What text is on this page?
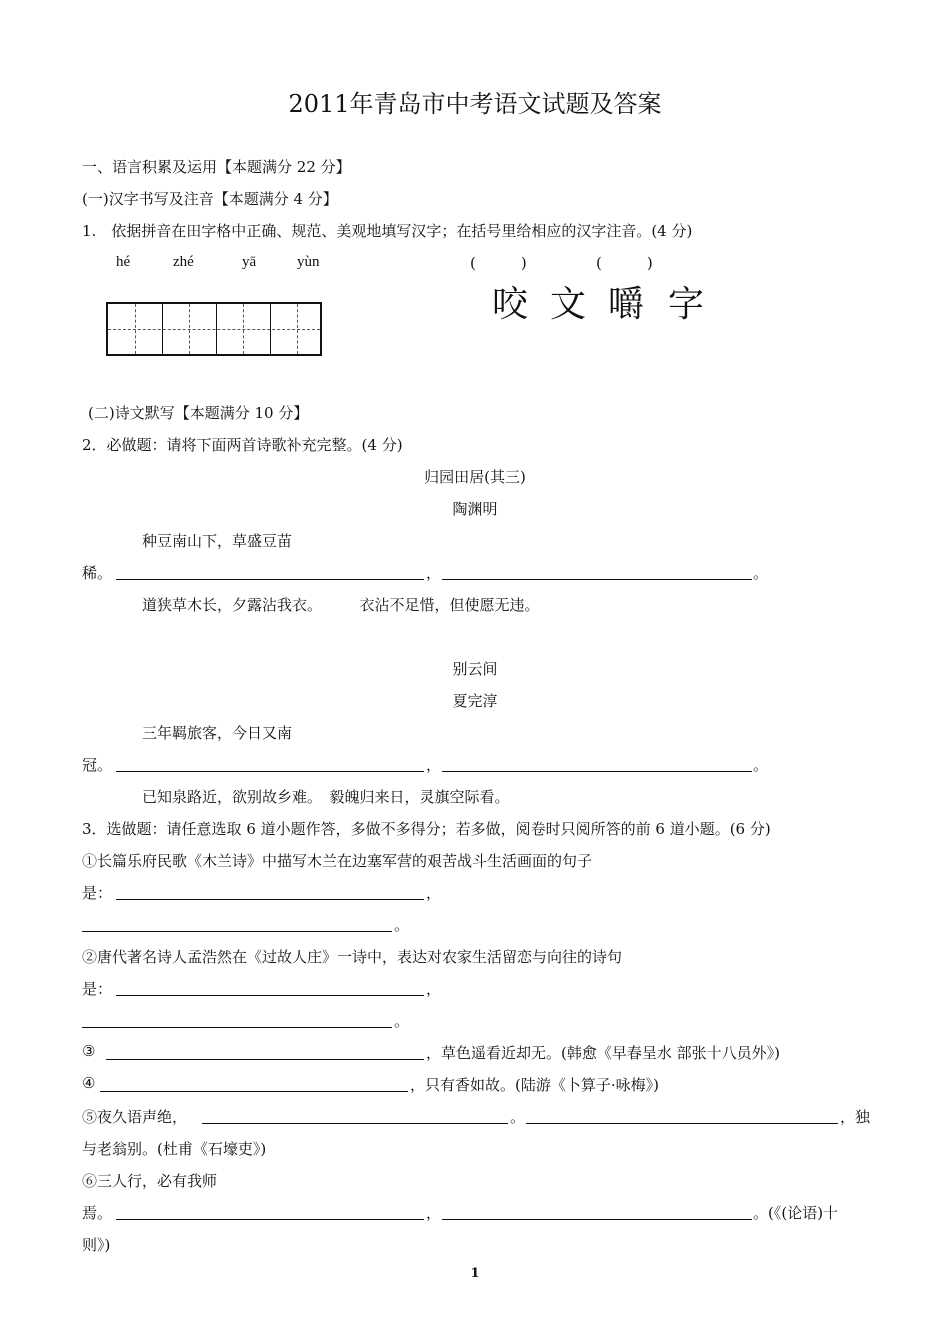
2011年青岛市中考语文试题及答案
一、语言积累及运用【本题满分 22 分】
(一)汉字书写及注音【本题满分 4 分】
1.　依据拼音在田字格中正确、规范、美观地填写汉字；在括号里给相应的汉字注音。(4 分)
hé	zhé	yā	yùn	(　　　)	(　　　)
咬 文 嚼 字
(二)诗文默写【本题满分 10 分】
2．必做题：请将下面两首诗歌补充完整。(4 分)
归园田居(其三)
陶渊明
种豆南山下，草盛豆苗
稀。	，	。
道狭草木长，夕露沾我衣。　　　衣沾不足惜，但使愿无违。
别云间
夏完淳
三年羁旅客，今日又南
冠。	，	。
已知泉路近，欲别故乡难。　毅魄归来日，灵旗空际看。
3．选做题：请任意选取 6 道小题作答，多做不多得分；若多做，阅卷时只阅所答的前 6 道小题。(6 分)
①长篇乐府民歌《木兰诗》中描写木兰在边塞军营的艰苦战斗生活画面的句子
是：	，
。
②唐代著名诗人孟浩然在《过故人庄》一诗中，表达对农家生活留恋与向往的诗句
是：	，
。
③	，草色遥看近却无。(韩愈《早春呈水 部张十八员外》)
④	，只有香如故。(陆游《卜算子·咏梅》)
⑤夜久语声绝，	。	，独
与老翁别。(杜甫《石壕吏》)
⑥三人行，必有我师
焉。	，	。(《(论语)十
则》)
1
